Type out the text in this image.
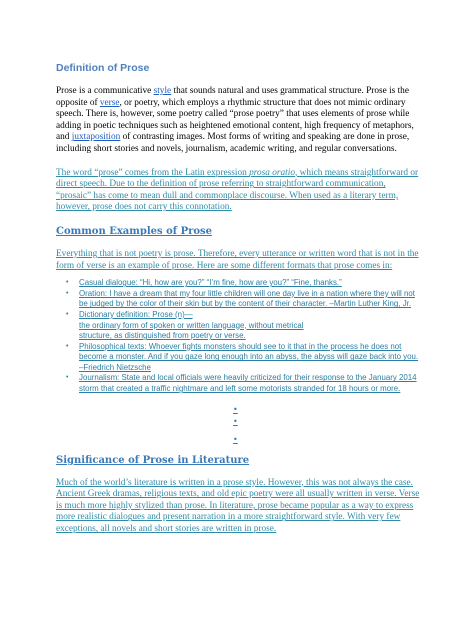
Definition of Prose

Prose is a communicative style that sounds natural and uses grammatical structure. Prose is the opposite of verse, or poetry, which employs a rhythmic structure that does not mimic ordinary speech. There is, however, some poetry called “prose poetry” that uses elements of prose while adding in poetic techniques such as heightened emotional content, high frequency of metaphors, and juxtaposition of contrasting images. Most forms of writing and speaking are done in prose, including short stories and novels, journalism, academic writing, and regular conversations.

The word “prose” comes from the Latin expression prosa oratio, which means straightforward or direct speech. Due to the definition of prose referring to straightforward communication, “prosaic” has come to mean dull and commonplace discourse. When used as a literary term, however, prose does not carry this connotation.

Common Examples of Prose

Everything that is not poetry is prose. Therefore, every utterance or written word that is not in the form of verse is an example of prose. Here are some different formats that prose comes in:

• Casual dialogue: “Hi, how are you?” “I’m fine, how are you?” “Fine, thanks.”
• Oration: I have a dream that my four little children will one day live in a nation where they will not be judged by the color of their skin but by the content of their character. –Martin Luther King, Jr.
• Dictionary definition: Prose (n)—
the ordinary form of spoken or written language, without metrical
structure, as distinguished from poetry or verse.
• Philosophical texts: Whoever fights monsters should see to it that in the process he does not become a monster. And if you gaze long enough into an abyss, the abyss will gaze back into you. –Friedrich Nietzsche
• Journalism: State and local officials were heavily criticized for their response to the January 2014 storm that created a traffic nightmare and left some motorists stranded for 18 hours or more.
•
•
•
Significance of Prose in Literature

Much of the world’s literature is written in a prose style. However, this was not always the case. Ancient Greek dramas, religious texts, and old epic poetry were all usually written in verse. Verse is much more highly stylized than prose. In literature, prose became popular as a way to express more realistic dialogues and present narration in a more straightforward style. With very few exceptions, all novels and short stories are written in prose.
